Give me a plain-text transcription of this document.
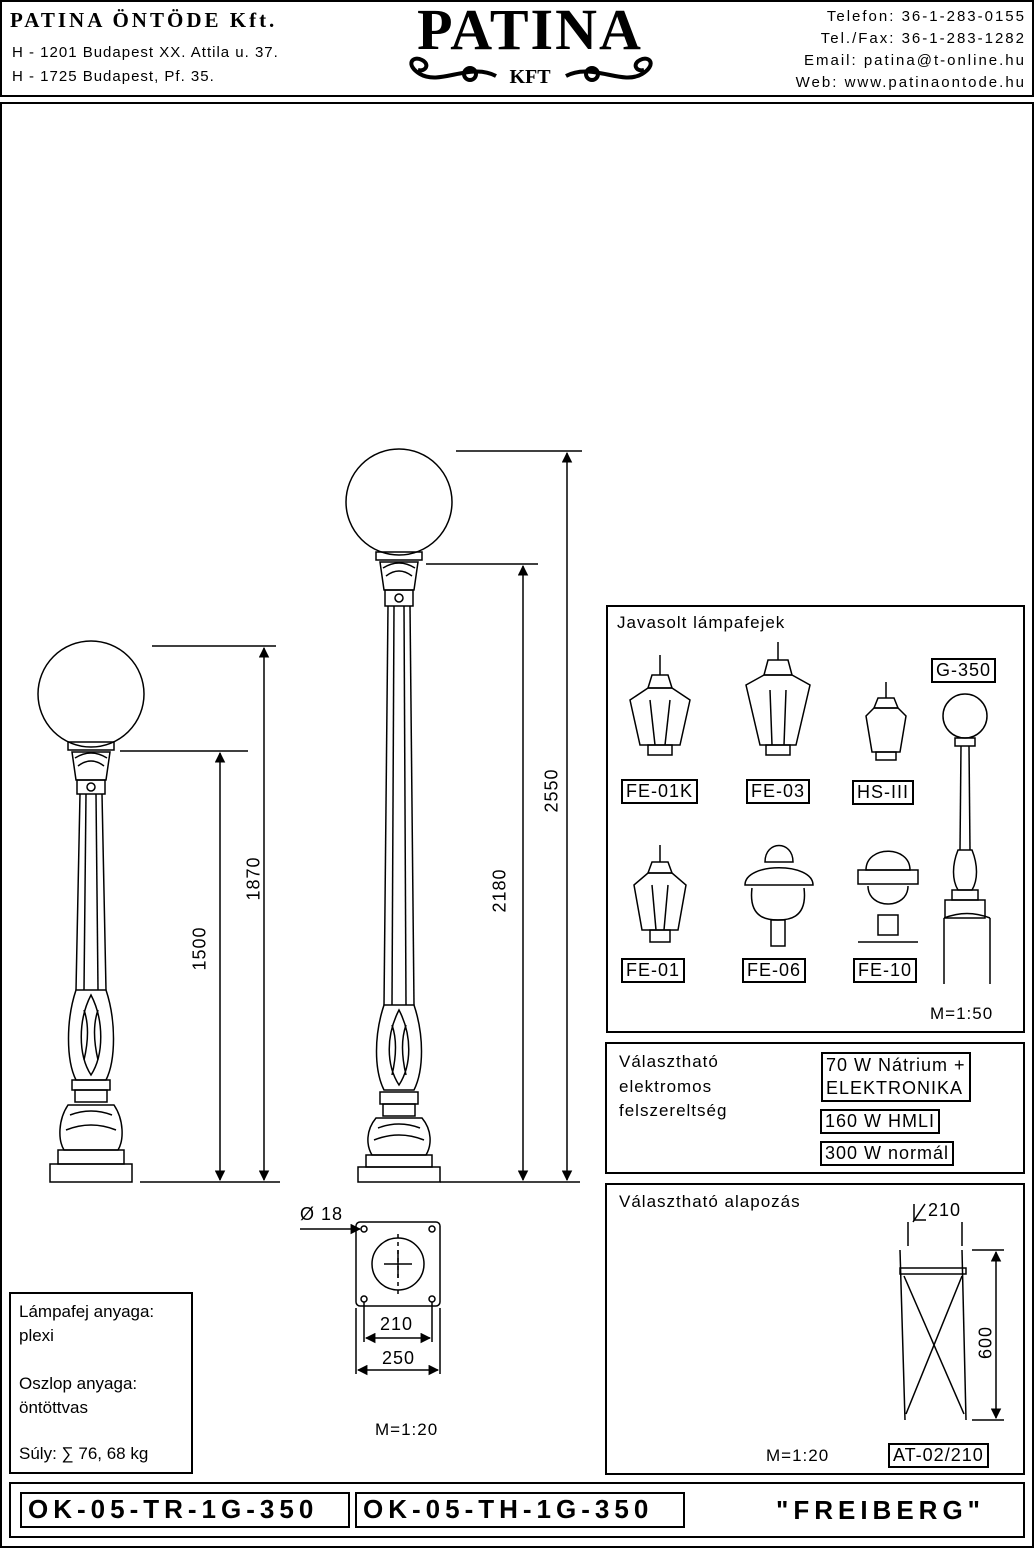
PATINA ÖNTÖDE Kft.
H - 1201 Budapest XX. Attila u. 37.
H - 1725 Budapest, Pf. 35.
PATINA
KFT
Telefon: 36-1-283-0155
Tel./Fax: 36-1-283-1282
Email: patina@t-online.hu
Web: www.patinaontode.hu
1870
1500
2550
2180
Ø 18
210
250
M=1:20
Javasolt lámpafejek
FE-01K	FE-03	HS-III
FE-01	FE-06	FE-10
G-350
M=1:50
Választható
elektromos
felszereltség
70 W Nátrium +
ELEKTRONIKA
160 W HMLI
300 W normál
Választható alapozás	210
600
M=1:20	AT-02/210
Lámpafej anyaga:
plexi
Oszlop anyaga:
öntöttvas
Súly: ∑ 76, 68 kg
OK-05-TR-1G-350	OK-05-TH-1G-350	"FREIBERG"
